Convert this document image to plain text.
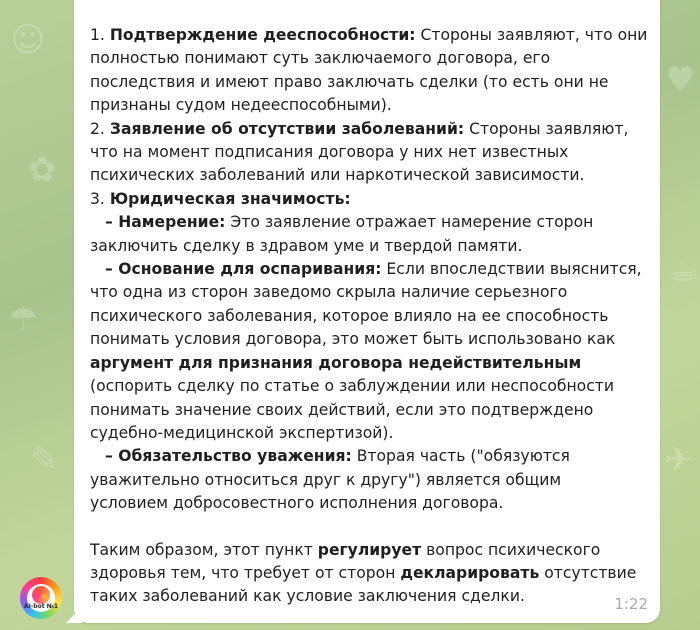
☺
✿
☂
✎
♥
☕
✈

1. Подтверждение дееспособности: Стороны заявляют, что они

полностью понимают суть заключаемого договора, его

последствия и имеют право заключать сделки (то есть они не

признаны судом недееспособными).

2. Заявление об отсутствии заболеваний: Стороны заявляют,

что на момент подписания договора у них нет известных

психических заболеваний или наркотической зависимости.

3. Юридическая значимость:

– Намерение: Это заявление отражает намерение сторон

заключить сделку в здравом уме и твердой памяти.

– Основание для оспаривания: Если впоследствии выяснится,

что одна из сторон заведомо скрыла наличие серьезного

психического заболевания, которое влияло на ее способность

понимать условия договора, это может быть использовано как

аргумент для признания договора недействительным

(оспорить сделку по статье о заблуждении или неспособности

понимать значение своих действий, если это подтверждено

судебно-медицинской экспертизой).

– Обязательство уважения: Вторая часть ("обязуются

уважительно относиться друг к другу") является общим

условием добросовестного исполнения договора.

Таким образом, этот пункт регулирует вопрос психического

здоровья тем, что требует от сторон декларировать отсутствие

таких заболеваний как условие заключения сделки.	1:22
AI-bot №1
